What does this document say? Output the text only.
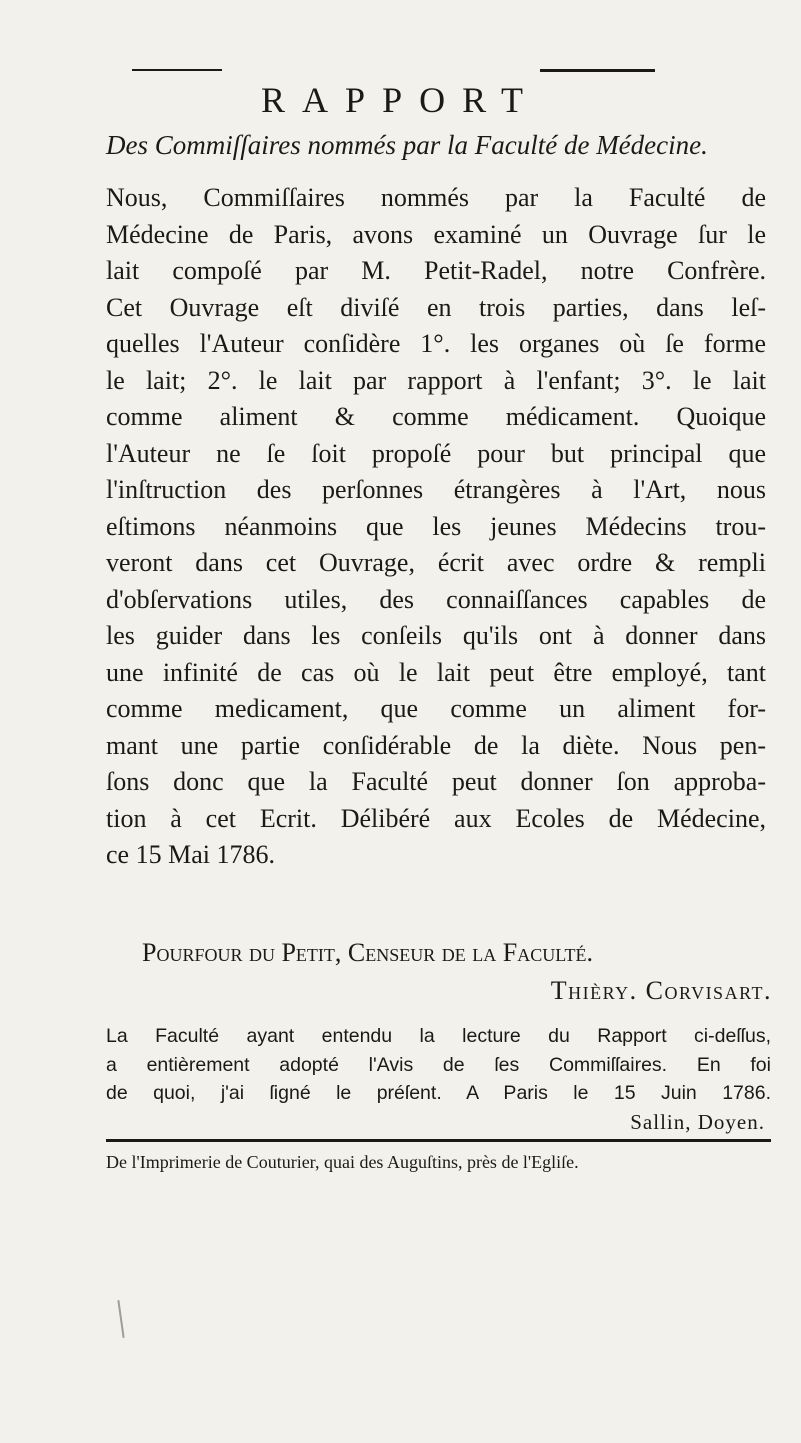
RAPPORT
Des Commiſſaires nommés par la Faculté de Médecine.
Nous, Commiſſaires nommés par la Faculté de
Médecine de Paris, avons examiné un Ouvrage ſur le
lait compoſé par M. Petit-Radel, notre Confrère.
Cet Ouvrage eſt diviſé en trois parties, dans leſ-
quelles l'Auteur conſidère 1°. les organes où ſe forme
le lait; 2°. le lait par rapport à l'enfant; 3°. le lait
comme aliment & comme médicament. Quoique
l'Auteur ne ſe ſoit propoſé pour but principal que
l'inſtruction des perſonnes étrangères à l'Art, nous
eſtimons néanmoins que les jeunes Médecins trou-
veront dans cet Ouvrage, écrit avec ordre & rempli
d'obſervations utiles, des connaiſſances capables de
les guider dans les conſeils qu'ils ont à donner dans
une infinité de cas où le lait peut être employé, tant
comme medicament, que comme un aliment for-
mant une partie conſidérable de la diète. Nous pen-
ſons donc que la Faculté peut donner ſon approba-
tion à cet Ecrit. Délibéré aux Ecoles de Médecine,
ce 15 Mai 1786.
Pourfour du Petit, Cenſeur de la Faculté.
Thièry. Corvisart.
La Faculté ayant entendu la lecture du Rapport ci-deſſus,
a entièrement adopté l'Avis de ſes Commiſſaires. En foi
de quoi, j'ai ſigné le préſent. A Paris le 15 Juin 1786.
Sallin, Doyen.
De l'Imprimerie de Couturier, quai des Auguſtins, près de l'Egliſe.
